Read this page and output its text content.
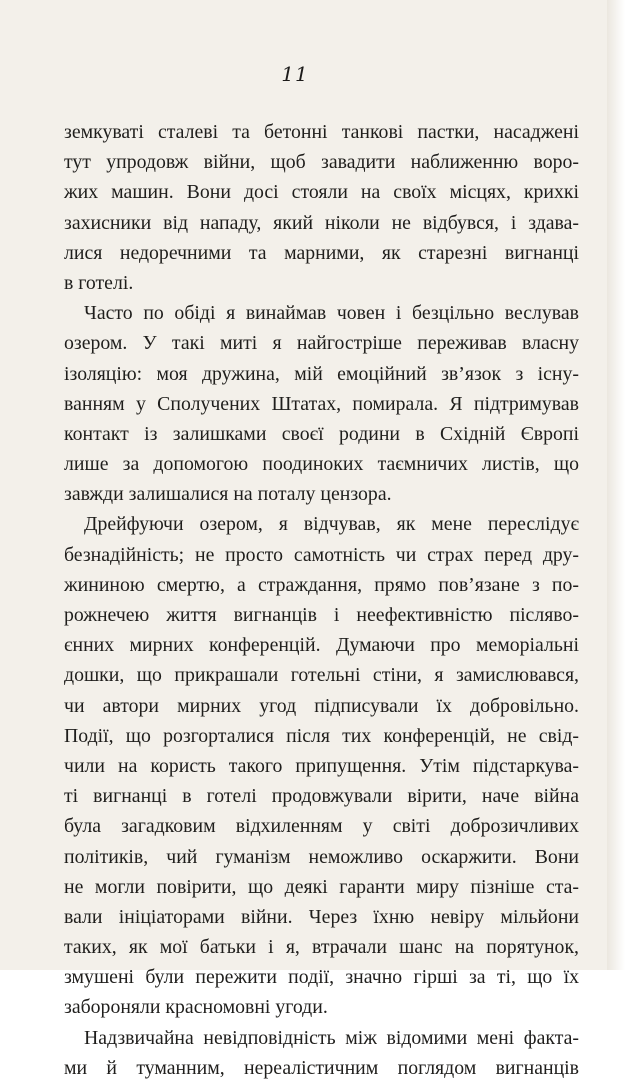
11
земкуваті сталеві та бетонні танкові пастки, насаджені
тут упродовж війни, щоб завадити наближенню воро-
жих машин. Вони досі стояли на своїх місцях, крихкі
захисники від нападу, який ніколи не відбувся, і здава-
лися недоречними та марними, як старезні вигнанці
в готелі.
Часто по обіді я винаймав човен і безцільно веслував
озером. У такі миті я найгостріше переживав власну
ізоляцію: моя дружина, мій емоційний зв’язок з існу-
ванням у Сполучених Штатах, помирала. Я підтримував
контакт із залишками своєї родини в Східній Європі
лише за допомогою поодиноких таємничих листів, що
завжди залишалися на поталу цензора.
Дрейфуючи озером, я відчував, як мене переслідує
безнадійність; не просто самотність чи страх перед дру-
жининою смертю, а страждання, прямо пов’язане з по-
рожнечею життя вигнанців і неефективністю післяво-
єнних мирних конференцій. Думаючи про меморіальні
дошки, що прикрашали готельні стіни, я замислювався,
чи автори мирних угод підписували їх добровільно.
Події, що розгорталися після тих конференцій, не свід-
чили на користь такого припущення. Утім підстаркува-
ті вигнанці в готелі продовжували вірити, наче війна
була загадковим відхиленням у світі доброзичливих
політиків, чий гуманізм неможливо оскаржити. Вони
не могли повірити, що деякі гаранти миру пізніше ста-
вали ініціаторами війни. Через їхню невіру мільйони
таких, як мої батьки і я, втрачали шанс на порятунок,
змушені були пережити події, значно гірші за ті, що їх
забороняли красномовні угоди.
Надзвичайна невідповідність між відомими мені факта-
ми й туманним, нереалістичним поглядом вигнанців
